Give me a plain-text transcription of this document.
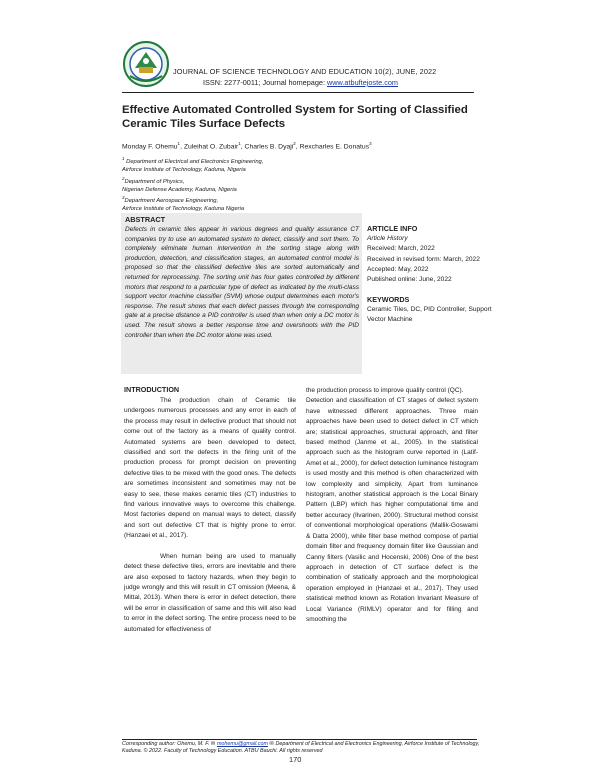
JOURNAL OF SCIENCE TECHNOLOGY AND EDUCATION 10(2), JUNE, 2022
ISSN: 2277-0011; Journal homepage: www.atbuftejoste.com
Effective Automated Controlled System for Sorting of Classified Ceramic Tiles Surface Defects
Monday F. Ohemu$^1$, Zuleihat O. Zubair$^1$, Charles B. Dyaji$^2$, Rexcharles E. Donatus$^3$
$^1$ Department of Electrical and Electronics Engineering,
Airforce Institute of Technology, Kaduna, Nigeria
$^2$Department of Physics,
Nigerian Defense Academy, Kaduna, Nigeria
$^3$Department Aerospace Engineering,
Airforce Institute of Technology, Kaduna Nigeria
ABSTRACT
Defects in ceramic tiles appear in various degrees and quality assurance CT companies try to use an automated system to detect, classify and sort them. To completely eliminate human intervention in the sorting stage along with production, detection, and classification stages, an automated control model is proposed so that the classified defective tiles are sorted automatically and returned for reprocessing. The sorting unit has four gates controlled by different motors that respond to a particular type of defect as indicated by the multi-class support vector machine classifier (SVM) whose output determines each motor's response. The result shows that each defect passes through the corresponding gate at a precise distance a PID controller is used than when only a DC motor is used. The result shows a better response time and overshoots with the PID controller than when the DC motor alone was used.
ARTICLE INFO
Article History
Received: March, 2022
Received in revised form: March, 2022
Accepted: May, 2022
Published online: June, 2022
KEYWORDS
Ceramic Tiles, DC, PID Controller, Support Vector Machine
INTRODUCTION

The production chain of Ceramic tile undergoes numerous processes and any error in each of the process may result in defective product that should not come out of the factory as a means of quality control. Automated systems are been developed to detect, classified and sort the defects in the firing unit of the production process for prompt decision on preventing defective tiles to be mixed with the good ones. The defects are sometimes inconsistent and sometimes may not be easy to see, these makes ceramic tiles (CT) industries to find various innovative ways to overcome this challenge. Most factories depend on manual ways to detect, classify and sort out defective CT that is highly prone to error. (Hanzaei et al., 2017).

When human being are used to manually detect these defective tiles, errors are inevitable and there are also exposed to factory hazards, when they begin to judge wrongly and this will result in CT omission (Meena, & Mittal, 2013). When there is error in defect detection, there will be error in classification of same and this will also lead to error in the defect sorting. The entire process need to be automated for effectiveness of

the production process to improve quality control (QC).

Detection and classification of CT stages of defect system have witnessed different approaches. Three main approaches have been used to detect defect in CT which are; statistical approaches, structural approach, and filter based method (Janme et al., 2005). In the statistical approach such as the histogram curve reported in (Latif-Amet et al., 2000), for defect detection luminance histogram is used mostly and this method is often characterized with low complexity and simplicity. Apart from luminance histogram, another statistical approach is the Local Binary Pattern (LBP) which has higher computational time and better accuracy (Ilvarinen, 2000). Structural method consist of conventional morphological operations (Mallik-Goswami & Datta 2000), while filter base method compose of partial domain filter and frequency domain filter like Gaussian and Canny filters (Vasilic and Hocenski, 2006) One of the best approach in detection of CT surface defect is the combination of statically approach and the morphological operation employed in (Hanzaei et al., 2017). They used statistical method known as Rotation Invariant Measure of Local Variance (RIMLV) operator and for filling and smoothing the

Corresponding author: Ohemu, M. F. ✉ mohemu@gmail.com ✉ Department of Electrical and Electronics Engineering, Airforce Institute of Technology, Kaduna. © 2022. Faculty of Technology Education. ATBU Bauchi. All rights reserved
170
